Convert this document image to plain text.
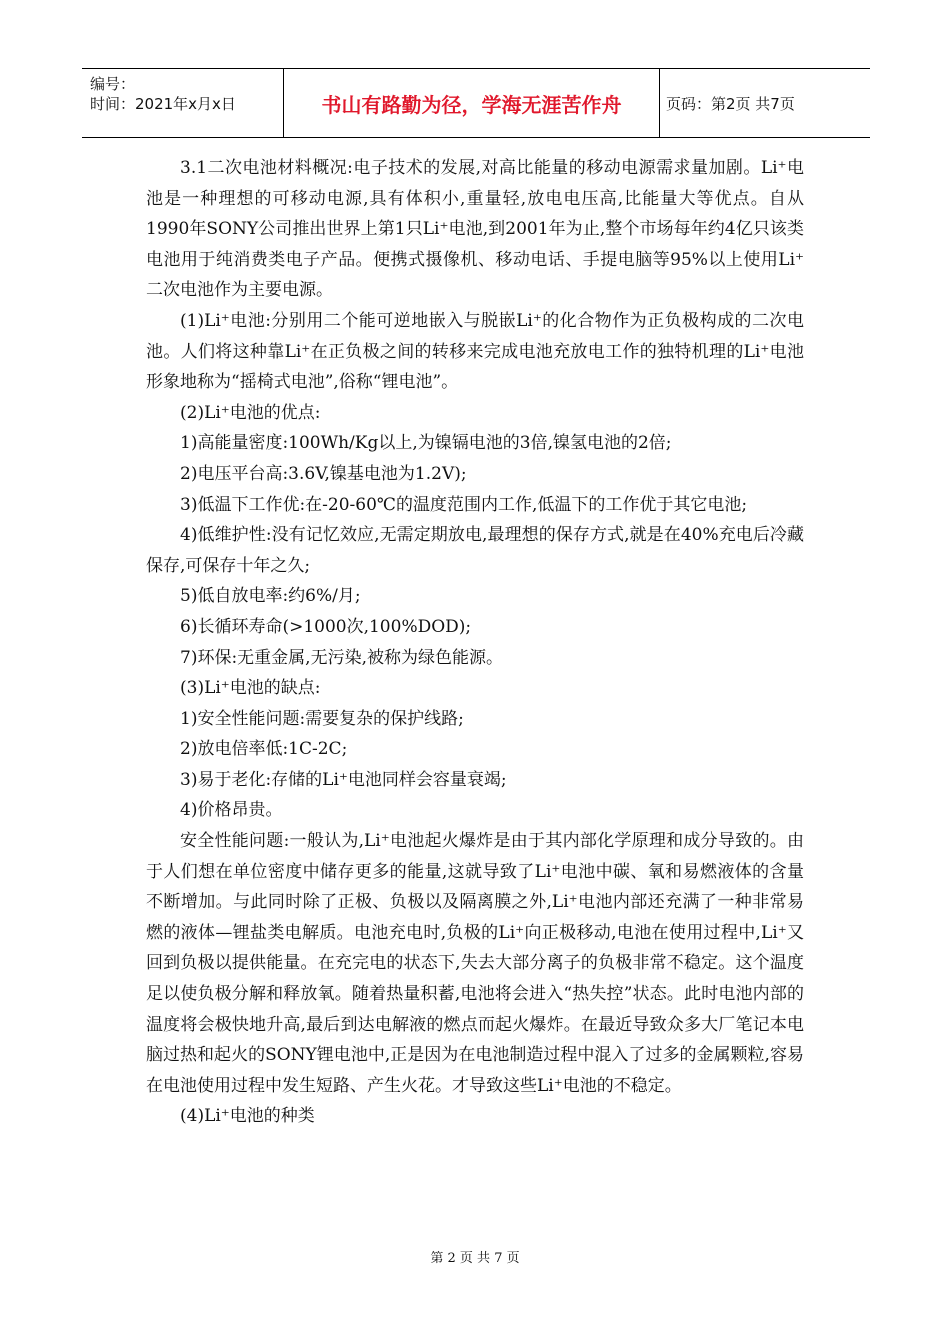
编号：
时间：2021年x月x日	书山有路勤为径，学海无涯苦作舟	页码：第2页 共7页

3.1二次电池材料概况:电子技术的发展,对高比能量的移动电源需求量加剧。Li⁺电池是一种理想的可移动电源,具有体积小,重量轻,放电电压高,比能量大等优点。自从1990年SONY公司推出世界上第1只Li⁺电池,到2001年为止,整个市场每年约4亿只该类电池用于纯消费类电子产品。便携式摄像机、移动电话、手提电脑等95%以上使用Li⁺二次电池作为主要电源。

(1)Li⁺电池:分别用二个能可逆地嵌入与脱嵌Li⁺的化合物作为正负极构成的二次电池。人们将这种靠Li⁺在正负极之间的转移来完成电池充放电工作的独特机理的Li⁺电池形象地称为“摇椅式电池”,俗称“锂电池”。

(2)Li⁺电池的优点:

1)高能量密度:100Wh/Kg以上,为镍镉电池的3倍,镍氢电池的2倍;

2)电压平台高:3.6V,镍基电池为1.2V);

3)低温下工作优:在-20-60℃的温度范围内工作,低温下的工作优于其它电池;

4)低维护性:没有记忆效应,无需定期放电,最理想的保存方式,就是在40%充电后冷藏保存,可保存十年之久;

5)低自放电率:约6%/月;

6)长循环寿命(>1000次,100%DOD);

7)环保:无重金属,无污染,被称为绿色能源。

(3)Li⁺电池的缺点:

1)安全性能问题:需要复杂的保护线路;

2)放电倍率低:1C-2C;

3)易于老化:存储的Li⁺电池同样会容量衰竭;

4)价格昂贵。

安全性能问题:一般认为,Li⁺电池起火爆炸是由于其内部化学原理和成分导致的。由于人们想在单位密度中储存更多的能量,这就导致了Li⁺电池中碳、氧和易燃液体的含量不断增加。与此同时除了正极、负极以及隔离膜之外,Li⁺电池内部还充满了一种非常易燃的液体—锂盐类电解质。电池充电时,负极的Li⁺向正极移动,电池在使用过程中,Li⁺又回到负极以提供能量。在充完电的状态下,失去大部分离子的负极非常不稳定。这个温度足以使负极分解和释放氧。随着热量积蓄,电池将会进入“热失控”状态。此时电池内部的温度将会极快地升高,最后到达电解液的燃点而起火爆炸。在最近导致众多大厂笔记本电脑过热和起火的SONY锂电池中,正是因为在电池制造过程中混入了过多的金属颗粒,容易在电池使用过程中发生短路、产生火花。才导致这些Li⁺电池的不稳定。

(4)Li⁺电池的种类

第 2 页 共 7 页
